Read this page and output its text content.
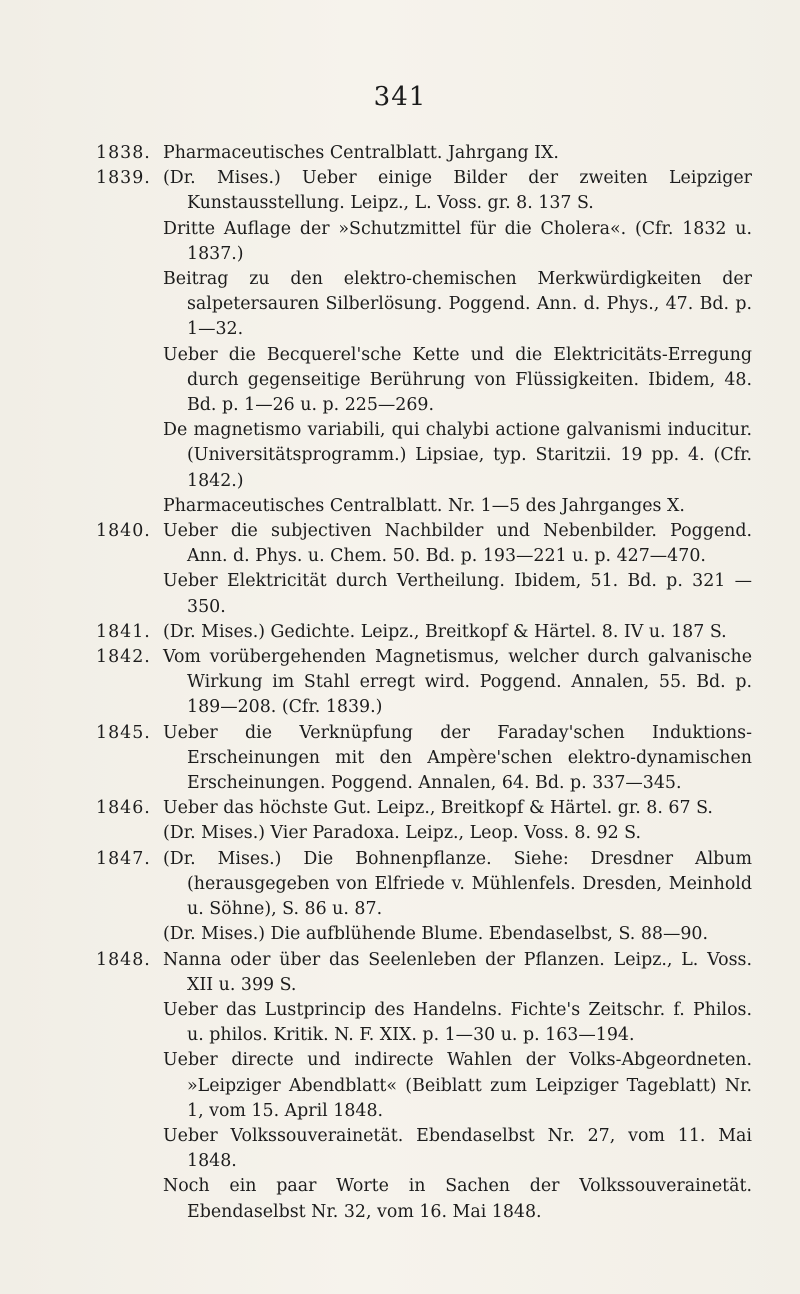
341
1838. Pharmaceutisches Centralblatt. Jahrgang IX.

1839. (Dr. Mises.) Ueber einige Bilder der zweiten Leipziger Kunstausstellung. Leipz., L. Voss. gr. 8. 137 S.

Dritte Auflage der »Schutzmittel für die Cholera«. (Cfr. 1832 u. 1837.)

Beitrag zu den elektro-chemischen Merkwürdigkeiten der salpetersauren Silberlösung. Poggend. Ann. d. Phys., 47. Bd. p. 1—32.

Ueber die Becquerel'sche Kette und die Elektricitäts-Erregung durch gegenseitige Berührung von Flüssigkeiten. Ibidem, 48. Bd. p. 1—26 u. p. 225—269.

De magnetismo variabili, qui chalybi actione galvanismi inducitur. (Universitätsprogramm.) Lipsiae, typ. Staritzii. 19 pp. 4. (Cfr. 1842.)

Pharmaceutisches Centralblatt. Nr. 1—5 des Jahrganges X.

1840. Ueber die subjectiven Nachbilder und Nebenbilder. Poggend. Ann. d. Phys. u. Chem. 50. Bd. p. 193—221 u. p. 427—470.

Ueber Elektricität durch Vertheilung. Ibidem, 51. Bd. p. 321 —350.

1841. (Dr. Mises.) Gedichte. Leipz., Breitkopf & Härtel. 8. IV u. 187 S.

1842. Vom vorübergehenden Magnetismus, welcher durch galvanische Wirkung im Stahl erregt wird. Poggend. Annalen, 55. Bd. p. 189—208. (Cfr. 1839.)

1845. Ueber die Verknüpfung der Faraday'schen Induktions-Erscheinungen mit den Ampère'schen elektro-dynamischen Erscheinungen. Poggend. Annalen, 64. Bd. p. 337—345.

1846. Ueber das höchste Gut. Leipz., Breitkopf & Härtel. gr. 8. 67 S.

(Dr. Mises.) Vier Paradoxa. Leipz., Leop. Voss. 8. 92 S.

1847. (Dr. Mises.) Die Bohnenpflanze. Siehe: Dresdner Album (herausgegeben von Elfriede v. Mühlenfels. Dresden, Meinhold u. Söhne), S. 86 u. 87.

(Dr. Mises.) Die aufblühende Blume. Ebendaselbst, S. 88—90.

1848. Nanna oder über das Seelenleben der Pflanzen. Leipz., L. Voss. XII u. 399 S.

Ueber das Lustprincip des Handelns. Fichte's Zeitschr. f. Philos. u. philos. Kritik. N. F. XIX. p. 1—30 u. p. 163—194.

Ueber directe und indirecte Wahlen der Volks-Abgeordneten. »Leipziger Abendblatt« (Beiblatt zum Leipziger Tageblatt) Nr. 1, vom 15. April 1848.

Ueber Volkssouverainetät. Ebendaselbst Nr. 27, vom 11. Mai 1848.

Noch ein paar Worte in Sachen der Volkssouverainetät. Ebendaselbst Nr. 32, vom 16. Mai 1848.
